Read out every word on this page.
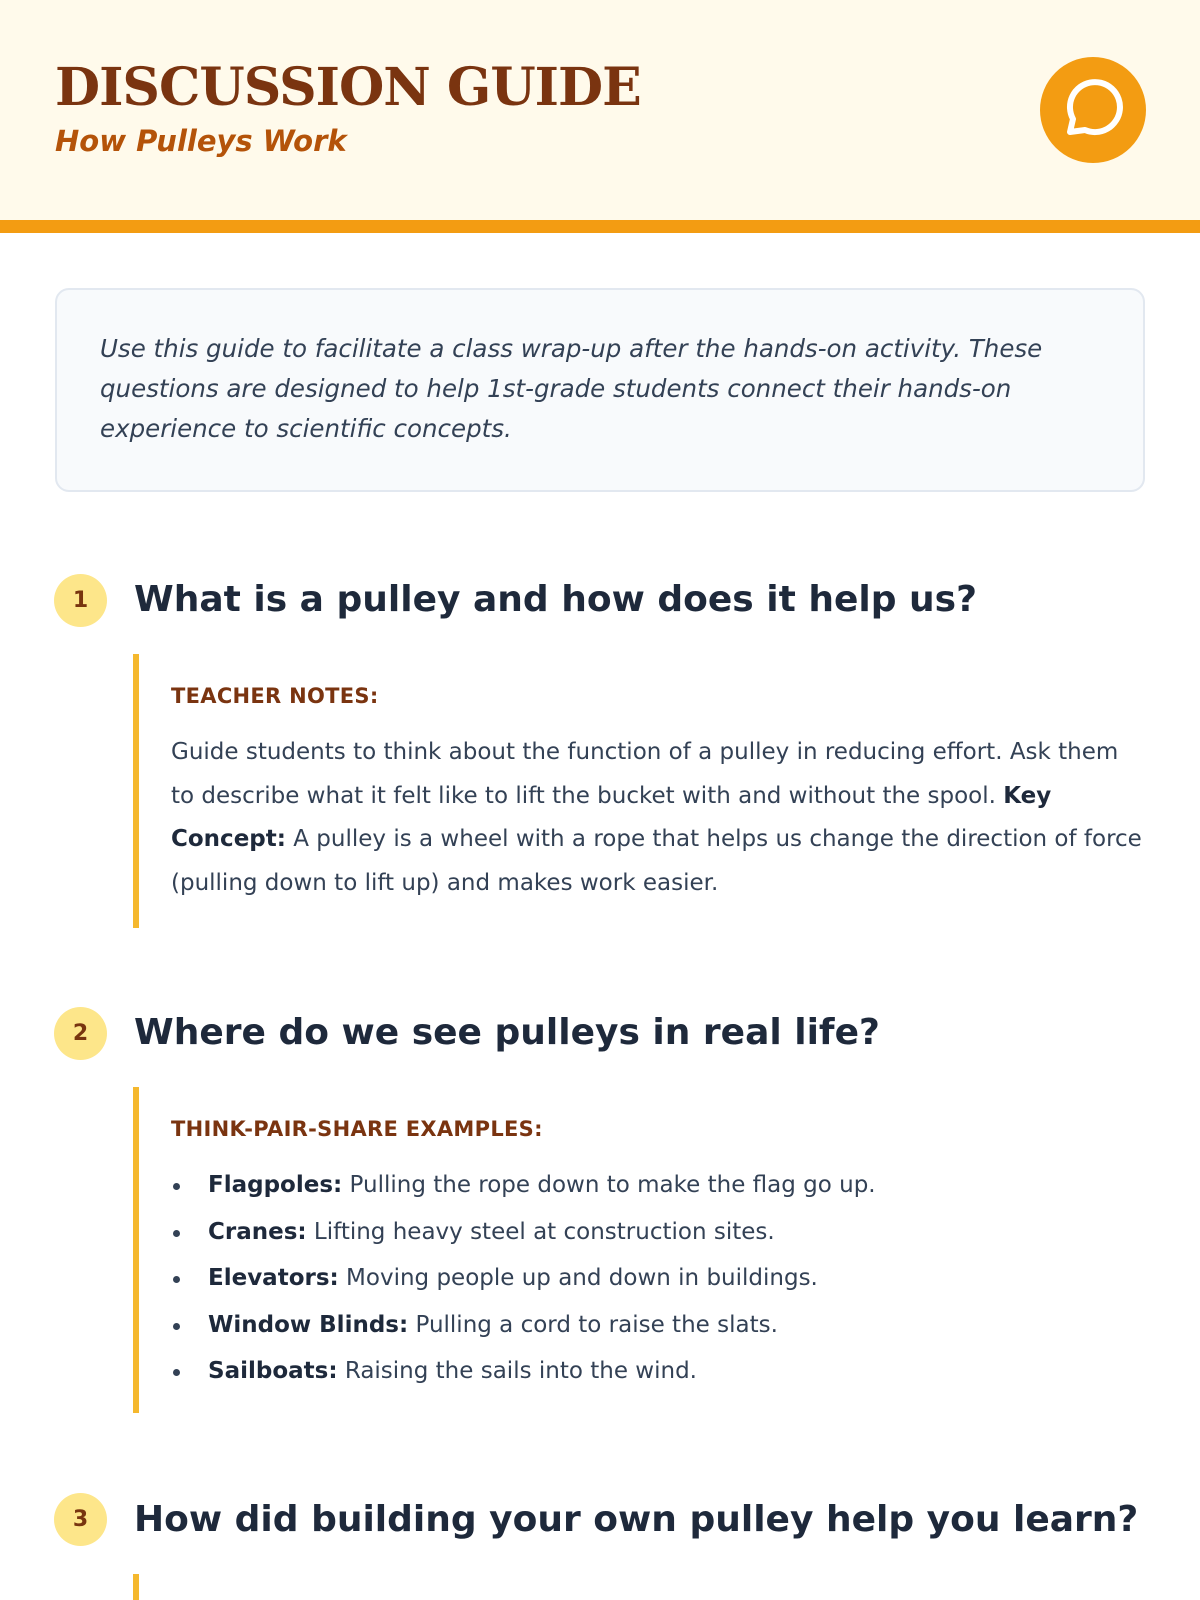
DISCUSSION GUIDE
How Pulleys Work

Use this guide to facilitate a class wrap-up after the hands-on activity. These questions are designed to help 1st-grade students connect their hands-on experience to scientific concepts.

1	What is a pulley and how does it help us?
TEACHER NOTES:

Guide students to think about the function of a pulley in reducing effort. Ask them to describe what it felt like to lift the bucket with and without the spool. Key Concept: A pulley is a wheel with a rope that helps us change the direction of force (pulling down to lift up) and makes work easier.

2	Where do we see pulleys in real life?
THINK-PAIR-SHARE EXAMPLES:
Flagpoles: Pulling the rope down to make the flag go up.
Cranes: Lifting heavy steel at construction sites.
Elevators: Moving people up and down in buildings.
Window Blinds: Pulling a cord to raise the slats.
Sailboats: Raising the sails into the wind.
3	How did building your own pulley help you learn?
